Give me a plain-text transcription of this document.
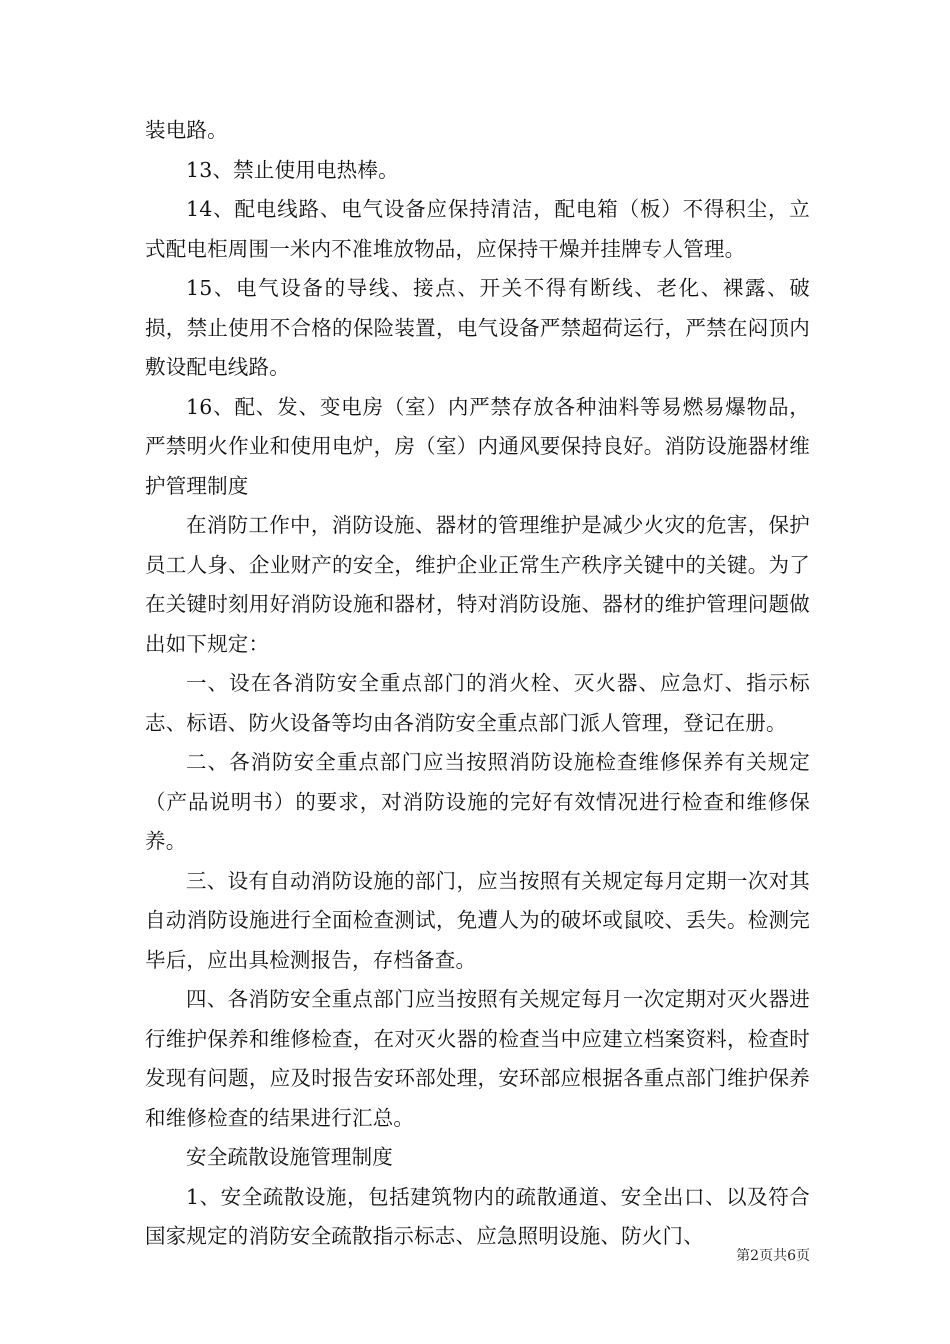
装电路。

13、禁止使用电热棒。

14、配电线路、电气设备应保持清洁，配电箱（板）不得积尘，立式配电柜周围一米内不准堆放物品，应保持干燥并挂牌专人管理。

15、电气设备的导线、接点、开关不得有断线、老化、裸露、破损，禁止使用不合格的保险装置，电气设备严禁超荷运行，严禁在闷顶内敷设配电线路。

16、配、发、变电房（室）内严禁存放各种油料等易燃易爆物品，严禁明火作业和使用电炉，房（室）内通风要保持良好。消防设施器材维护管理制度

在消防工作中，消防设施、器材的管理维护是减少火灾的危害，保护员工人身、企业财产的安全，维护企业正常生产秩序关键中的关键。为了在关键时刻用好消防设施和器材，特对消防设施、器材的维护管理问题做出如下规定：

一、设在各消防安全重点部门的消火栓、灭火器、应急灯、指示标志、标语、防火设备等均由各消防安全重点部门派人管理，登记在册。

二、各消防安全重点部门应当按照消防设施检查维修保养有关规定（产品说明书）的要求，对消防设施的完好有效情况进行检查和维修保养。

三、设有自动消防设施的部门，应当按照有关规定每月定期一次对其自动消防设施进行全面检查测试，免遭人为的破坏或鼠咬、丢失。检测完毕后，应出具检测报告，存档备查。

四、各消防安全重点部门应当按照有关规定每月一次定期对灭火器进行维护保养和维修检查，在对灭火器的检查当中应建立档案资料，检查时发现有问题，应及时报告安环部处理，安环部应根据各重点部门维护保养和维修检查的结果进行汇总。

安全疏散设施管理制度

1、安全疏散设施，包括建筑物内的疏散通道、安全出口、以及符合国家规定的消防安全疏散指示标志、应急照明设施、防火门、

第2页共6页
